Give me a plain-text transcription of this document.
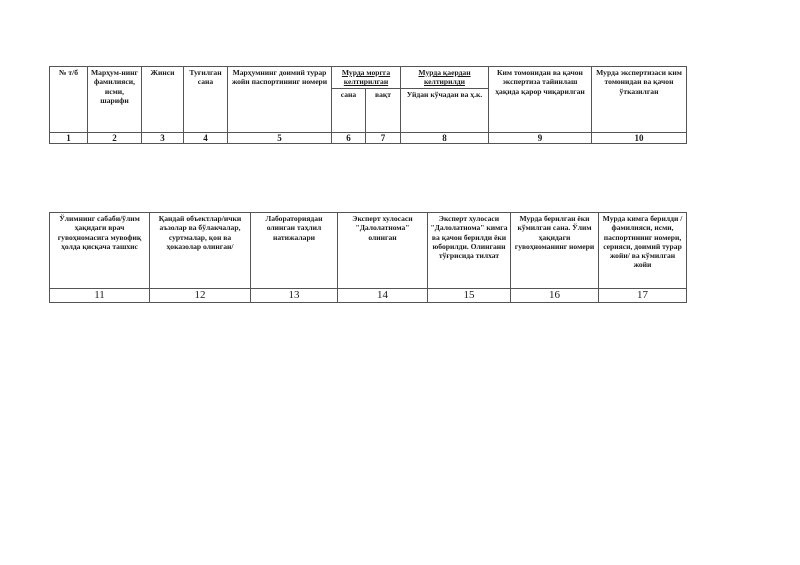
№ т/б	Марҳум-нинг фамилияси, исми, шарифи	Жинси	Туғилган сана	Марҳумнинг доимий турар жойи паспортининг номери	Мурда моргга келтирилган		Мурда қаердан келтирилди	Ким томонидан ва қачон экспертиза тайинлаш ҳақида қарор чиқарилган	Мурда экспертизаси ким томонидан ва қачон ўтказилган
					сана	вақт	Уйдан кўчадан ва ҳ.к.		
1	2	3	4	5	6	7	8	9	10
Ўлимнинг сабаби/ўлим ҳақидаги врач гувоҳномасига мувофиқ ҳолда қисқача ташхис	Қандай объектлар/ички аъзолар ва бўлакчалар, суртмалар, қон ва ҳоказолар олинган/	Лабораториядан олинган таҳлил натижалари	Эксперт хулосаси "Далолатнома" олинган	Эксперт хулосаси "Далолатнома" кимга ва қачон берилди ёки юборилди. Олинганн тўғрисида тилхат	Мурда берилган ёки кўмилган сана. Ўлим ҳақидаги гувоҳноманинг номери	Мурда кимга берилди /фамилияси, исми, паспортининг номери, серияси, доимий турар жойи/ ва кўмилган жойи
11	12	13	14	15	16	17
